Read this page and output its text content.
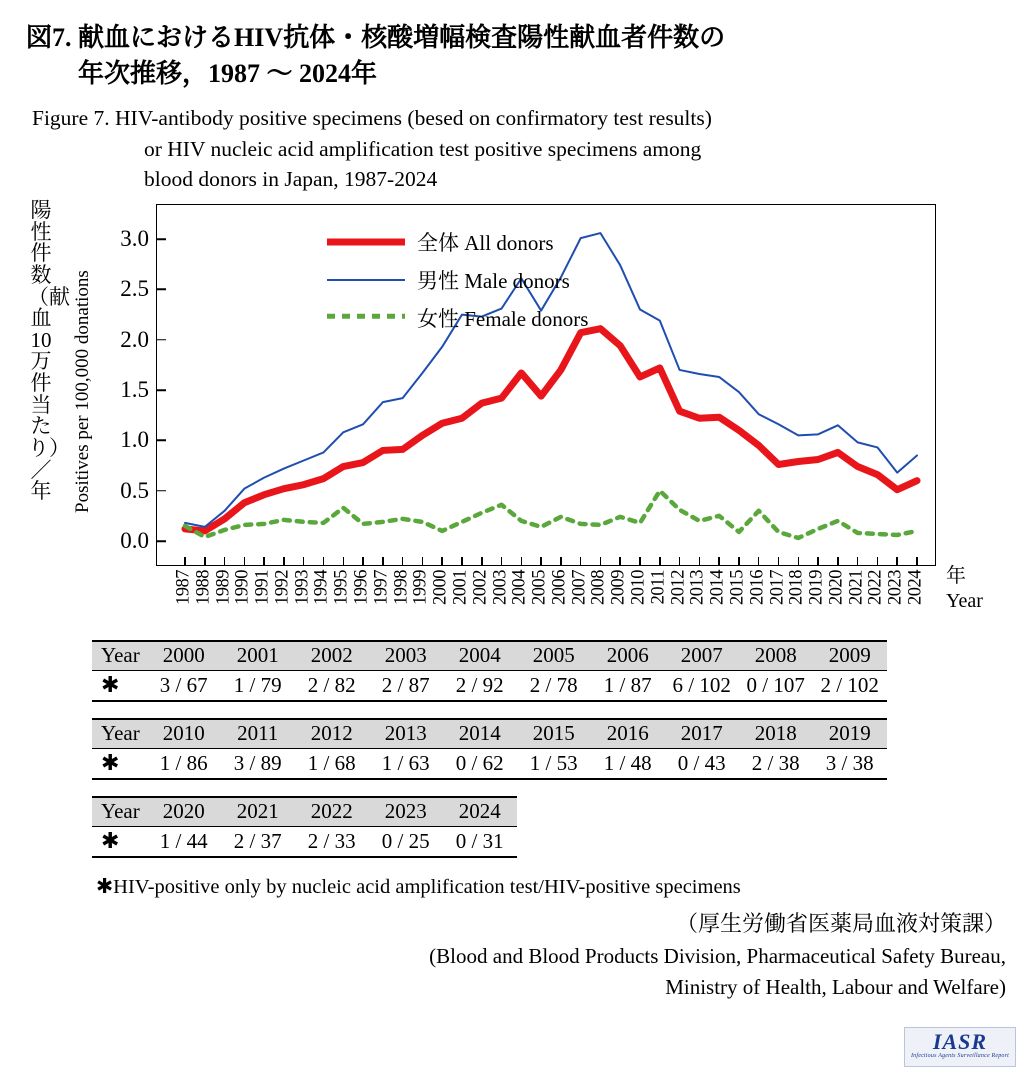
図7. 献血におけるHIV抗体・核酸増幅検査陽性献血者件数の
年次推移，1987 〜 2024年
Figure 7. HIV-antibody positive specimens (besed on confirmatory test results)
or HIV nucleic acid amplification test positive specimens among
blood donors in Japan, 1987-2024
陽性件数（献血10万件当たり）／年 Positives per 100,000 donations
全体 All donors
男性 Male donors
女性 Female donors
0.0
0.5
1.0
1.5
2.0
2.5
3.0
1987 1988 1989 1990 1991 1992 1993 1994 1995 1996 1997 1998 1999 2000 2001 2002 2003 2004 2005 2006 2007 2008 2009 2010 2011 2012 2013 2014 2015 2016 2017 2018 2019 2020 2021 2022 2023 2024 年
Year
Year	2000	2001	2002	2003	2004	2005	2006	2007	2008	2009
✱	3 / 67	1 / 79	2 / 82	2 / 87	2 / 92	2 / 78	1 / 87	6 / 102	0 / 107	2 / 102
Year	2010	2011	2012	2013	2014	2015	2016	2017	2018	2019
✱	1 / 86	3 / 89	1 / 68	1 / 63	0 / 62	1 / 53	1 / 48	0 / 43	2 / 38	3 / 38
Year	2020	2021	2022	2023	2024
✱	1 / 44	2 / 37	2 / 33	0 / 25	0 / 31
✱HIV-positive only by nucleic acid amplification test/HIV-positive specimens
（厚生労働省医薬局血液対策課）
(Blood and Blood Products Division, Pharmaceutical Safety Bureau,
Ministry of Health, Labour and Welfare)
IASR
Infectious Agents Surveillance Report
